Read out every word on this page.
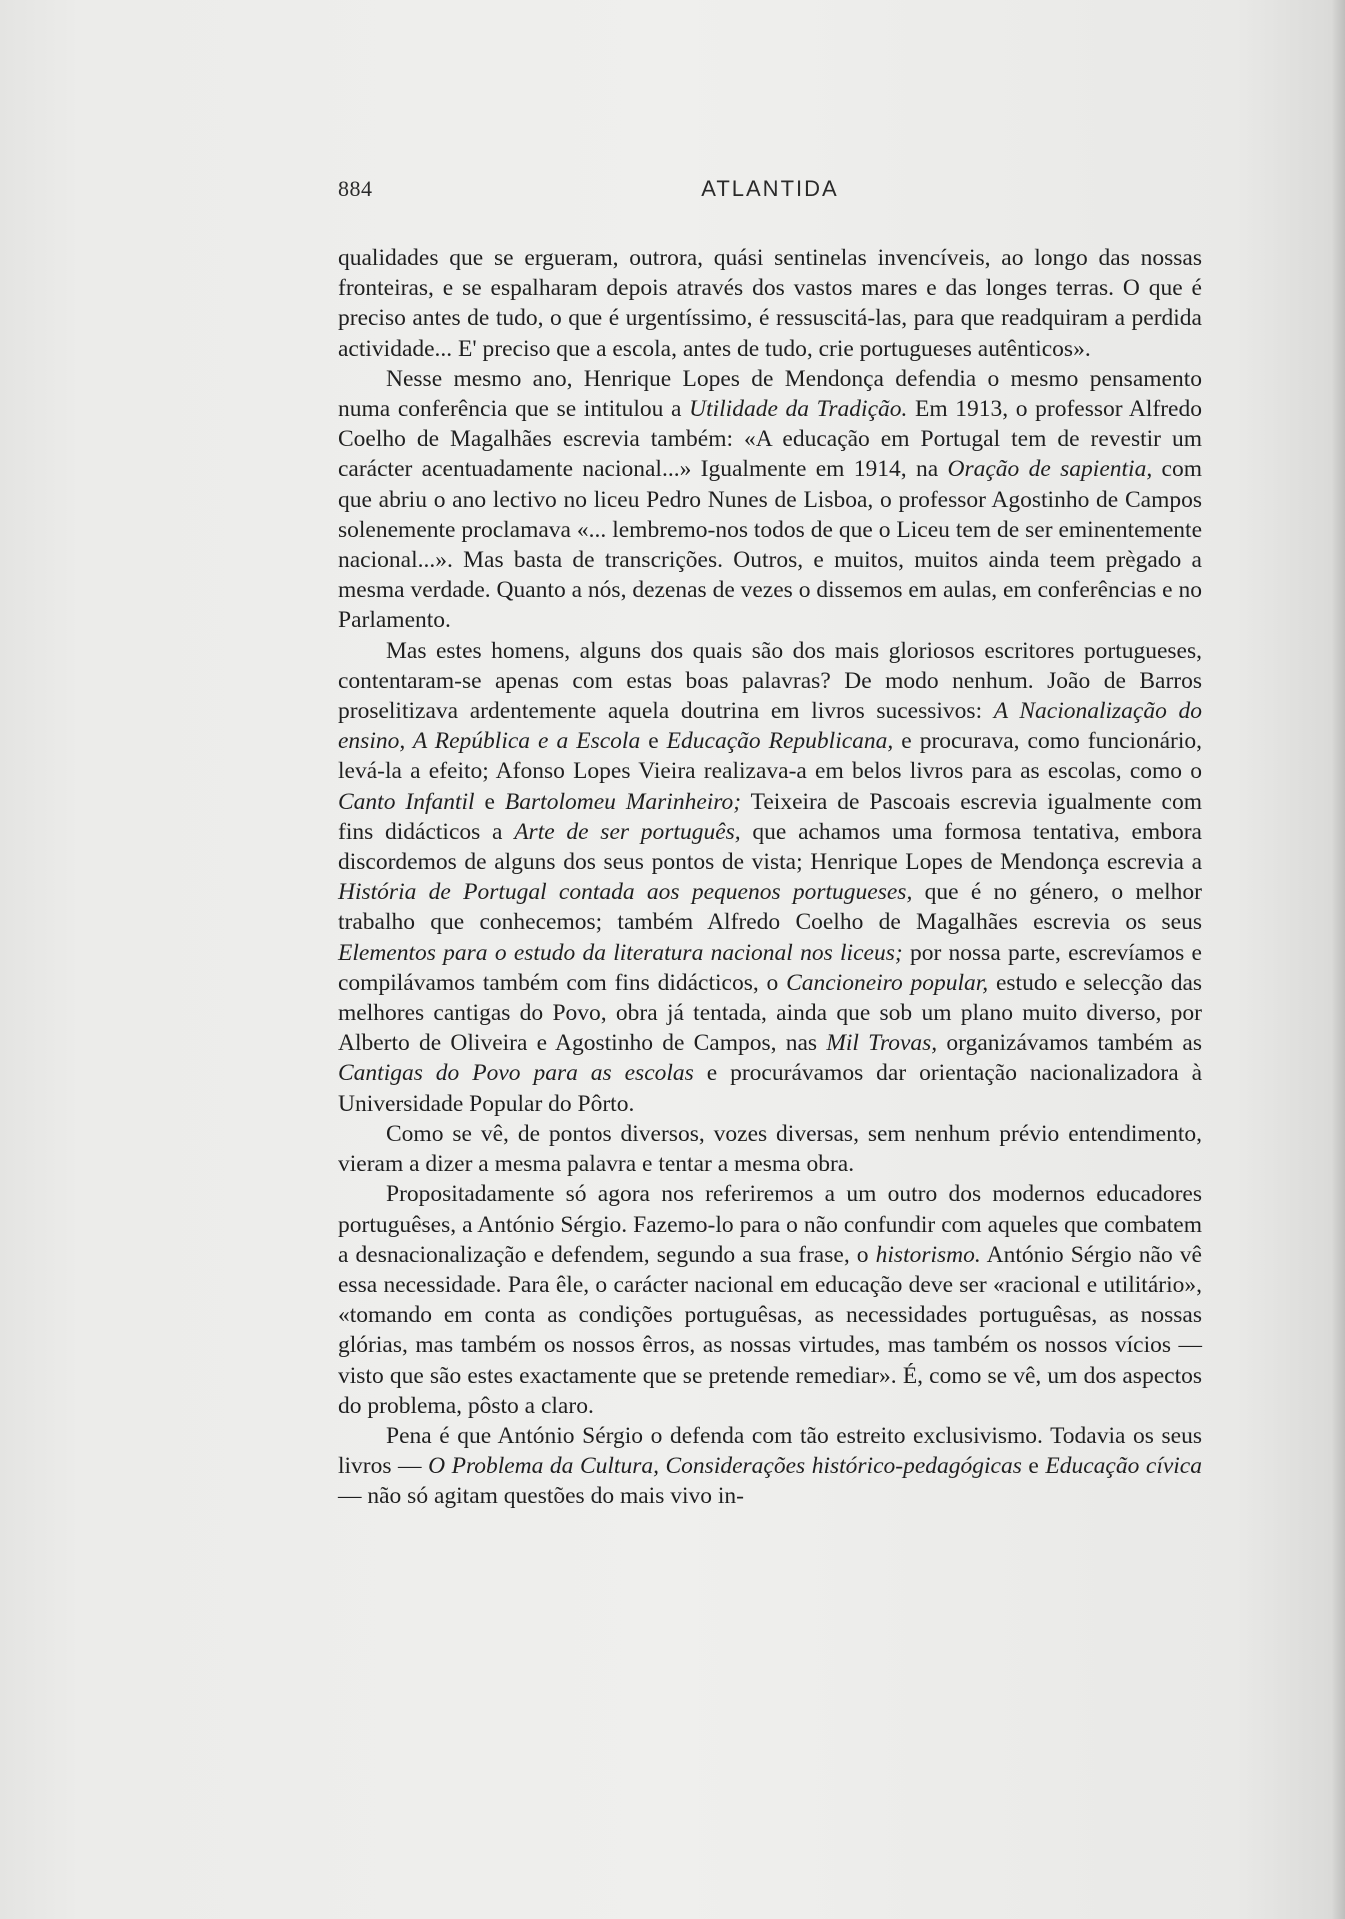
ATLANTIDA
884

qualidades que se ergueram, outrora, quási sentinelas invencíveis, ao longo das nossas fronteiras, e se espalharam depois através dos vastos mares e das longes terras. O que é preciso antes de tudo, o que é urgentíssimo, é ressuscitá-las, para que readquiram a perdida actividade... E' preciso que a escola, antes de tudo, crie portugueses autênticos».

Nesse mesmo ano, Henrique Lopes de Mendonça defendia o mesmo pensamento numa conferência que se intitulou a Utilidade da Tradição. Em 1913, o professor Alfredo Coelho de Magalhães escrevia também: «A educação em Portugal tem de revestir um carácter acentuadamente nacional...» Igualmente em 1914, na Oração de sapientia, com que abriu o ano lectivo no liceu Pedro Nunes de Lisboa, o professor Agostinho de Campos solenemente proclamava «... lembremo-nos todos de que o Liceu tem de ser eminentemente nacional...». Mas basta de transcrições. Outros, e muitos, muitos ainda teem prègado a mesma verdade. Quanto a nós, dezenas de vezes o dissemos em aulas, em conferências e no Parlamento.

Mas estes homens, alguns dos quais são dos mais gloriosos escritores portugueses, contentaram-se apenas com estas boas palavras? De modo nenhum. João de Barros proselitizava ardentemente aquela doutrina em livros sucessivos: A Nacionalização do ensino, A República e a Escola e Educação Republicana, e procurava, como funcionário, levá-la a efeito; Afonso Lopes Vieira realizava-a em belos livros para as escolas, como o Canto Infantil e Bartolomeu Marinheiro; Teixeira de Pascoais escrevia igualmente com fins didácticos a Arte de ser português, que achamos uma formosa tentativa, embora discordemos de alguns dos seus pontos de vista; Henrique Lopes de Mendonça escrevia a História de Portugal contada aos pequenos portugueses, que é no género, o melhor trabalho que conhecemos; também Alfredo Coelho de Magalhães escrevia os seus Elementos para o estudo da literatura nacional nos liceus; por nossa parte, escrevíamos e compilávamos também com fins didácticos, o Cancioneiro popular, estudo e selecção das melhores cantigas do Povo, obra já tentada, ainda que sob um plano muito diverso, por Alberto de Oliveira e Agostinho de Campos, nas Mil Trovas, organizávamos também as Cantigas do Povo para as escolas e procurávamos dar orientação nacionalizadora à Universidade Popular do Pôrto.

Como se vê, de pontos diversos, vozes diversas, sem nenhum prévio entendimento, vieram a dizer a mesma palavra e tentar a mesma obra.

Propositadamente só agora nos referiremos a um outro dos modernos educadores portuguêses, a António Sérgio. Fazemo-lo para o não confundir com aqueles que combatem a desnacionalização e defendem, segundo a sua frase, o historismo. António Sérgio não vê essa necessidade. Para êle, o carácter nacional em educação deve ser «racional e utilitário», «tomando em conta as condições portuguêsas, as necessidades portuguêsas, as nossas glórias, mas também os nossos êrros, as nossas virtudes, mas também os nossos vícios — visto que são estes exactamente que se pretende remediar». É, como se vê, um dos aspectos do problema, pôsto a claro.

Pena é que António Sérgio o defenda com tão estreito exclusivismo. Todavia os seus livros — O Problema da Cultura, Considerações histórico-pedagógicas e Educação cívica — não só agitam questões do mais vivo in-
